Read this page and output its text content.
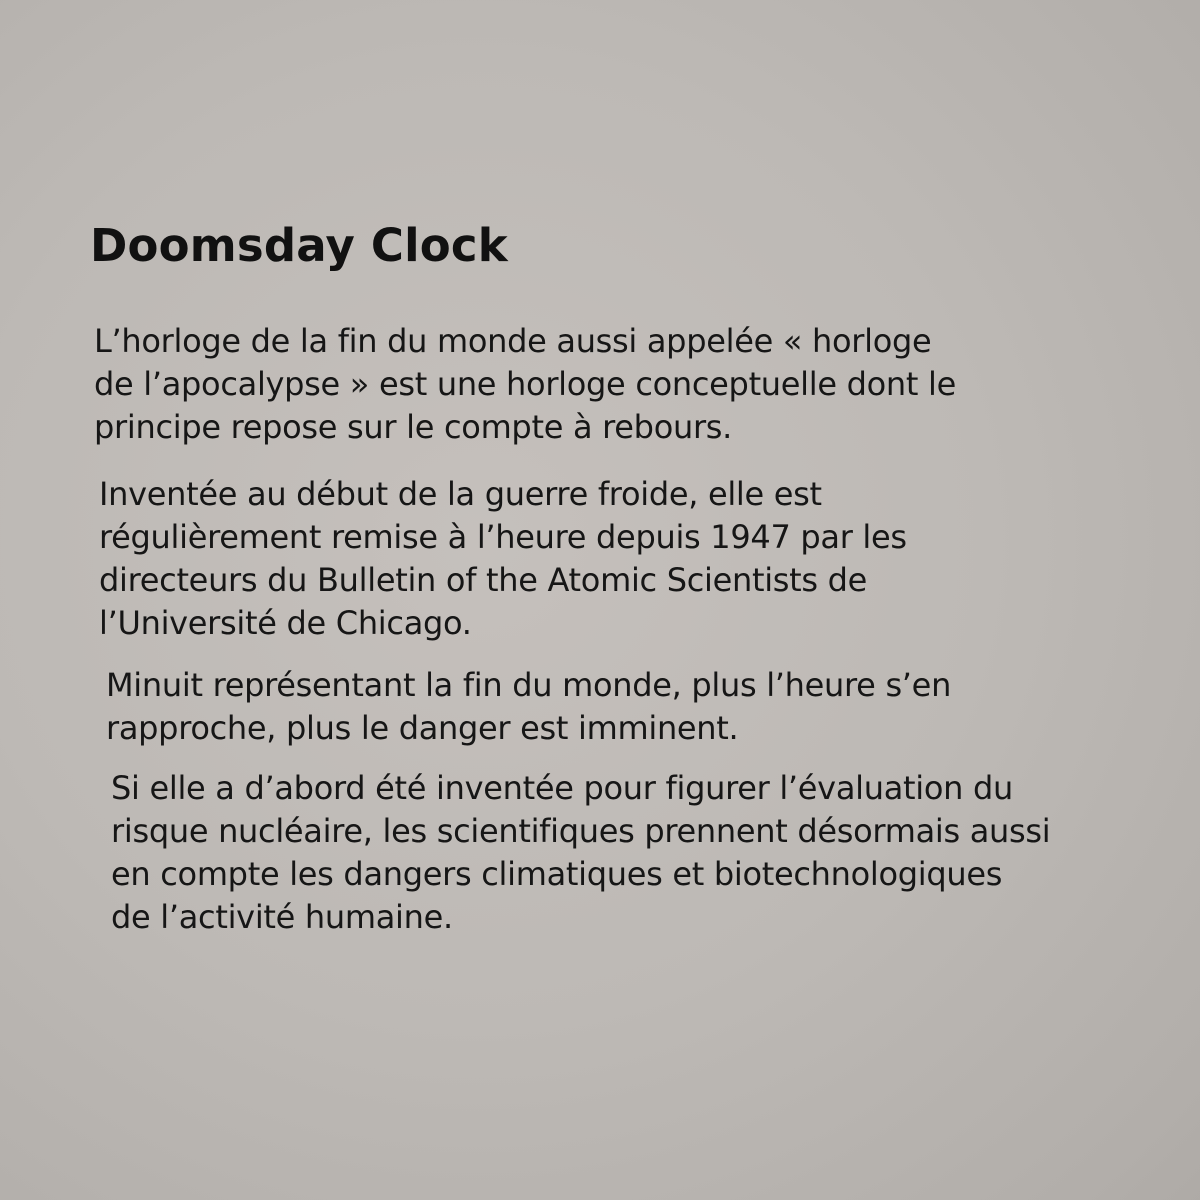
Doomsday Clock

L’horloge de la fin du monde aussi appelée « horloge
de l’apocalypse » est une horloge conceptuelle dont le
principe repose sur le compte à rebours.

Inventée au début de la guerre froide, elle est
régulièrement remise à l’heure depuis 1947 par les
directeurs du Bulletin of the Atomic Scientists de
l’Université de Chicago.

Minuit représentant la fin du monde, plus l’heure s’en
rapproche, plus le danger est imminent.

Si elle a d’abord été inventée pour figurer l’évaluation du
risque nucléaire, les scientifiques prennent désormais aussi
en compte les dangers climatiques et biotechnologiques
de l’activité humaine.
